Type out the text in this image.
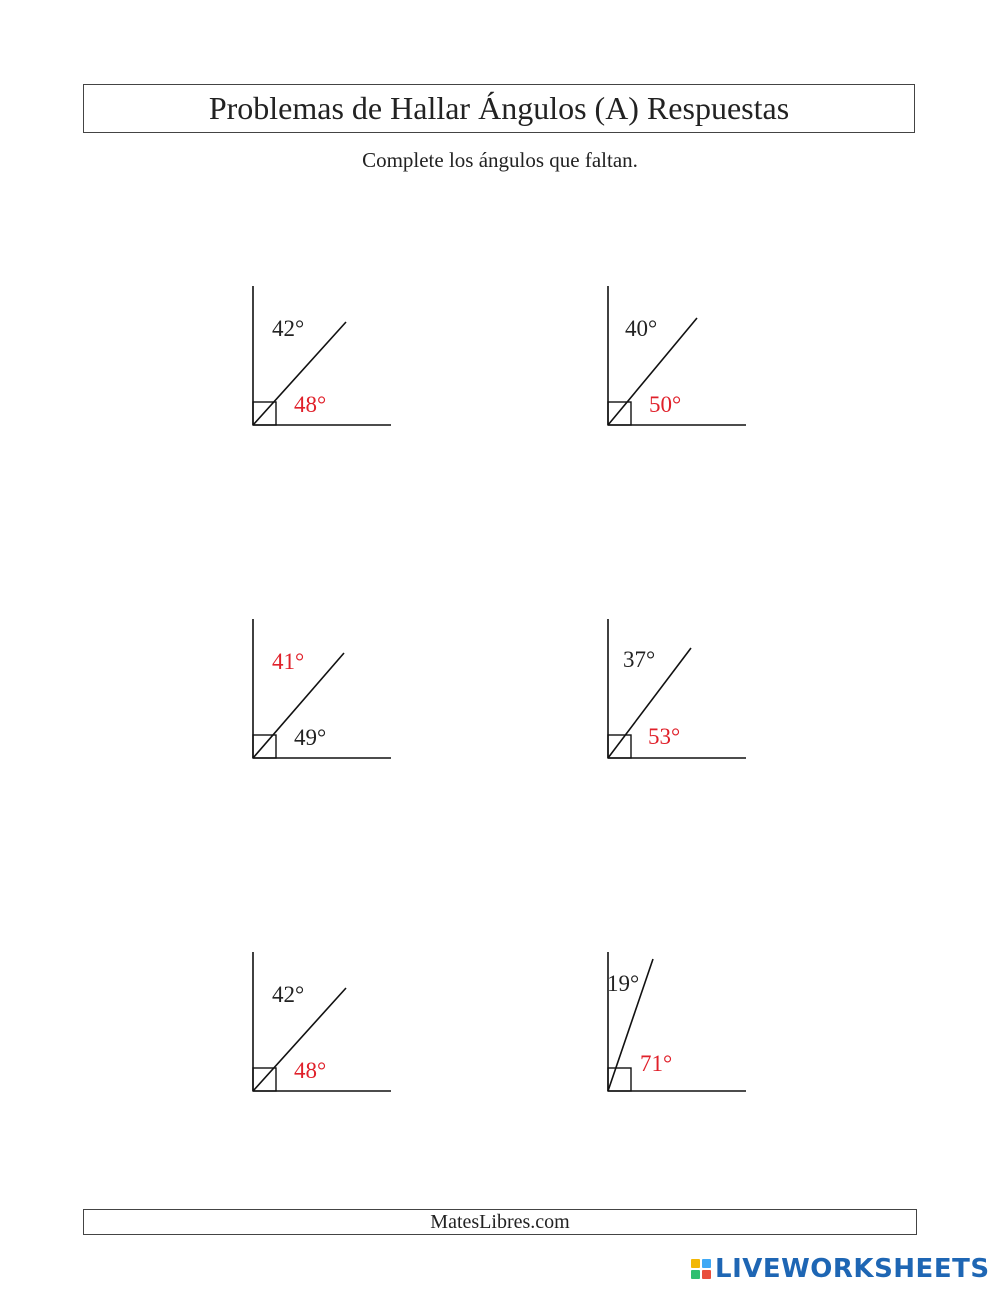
Problemas de Hallar Ángulos (A) Respuestas
Complete los ángulos que faltan.
42°
48°
40°
50°
41°
49°
37°
53°
42°
48°
19°
71°
MatesLibres.com
LIVEWORKSHEETS
